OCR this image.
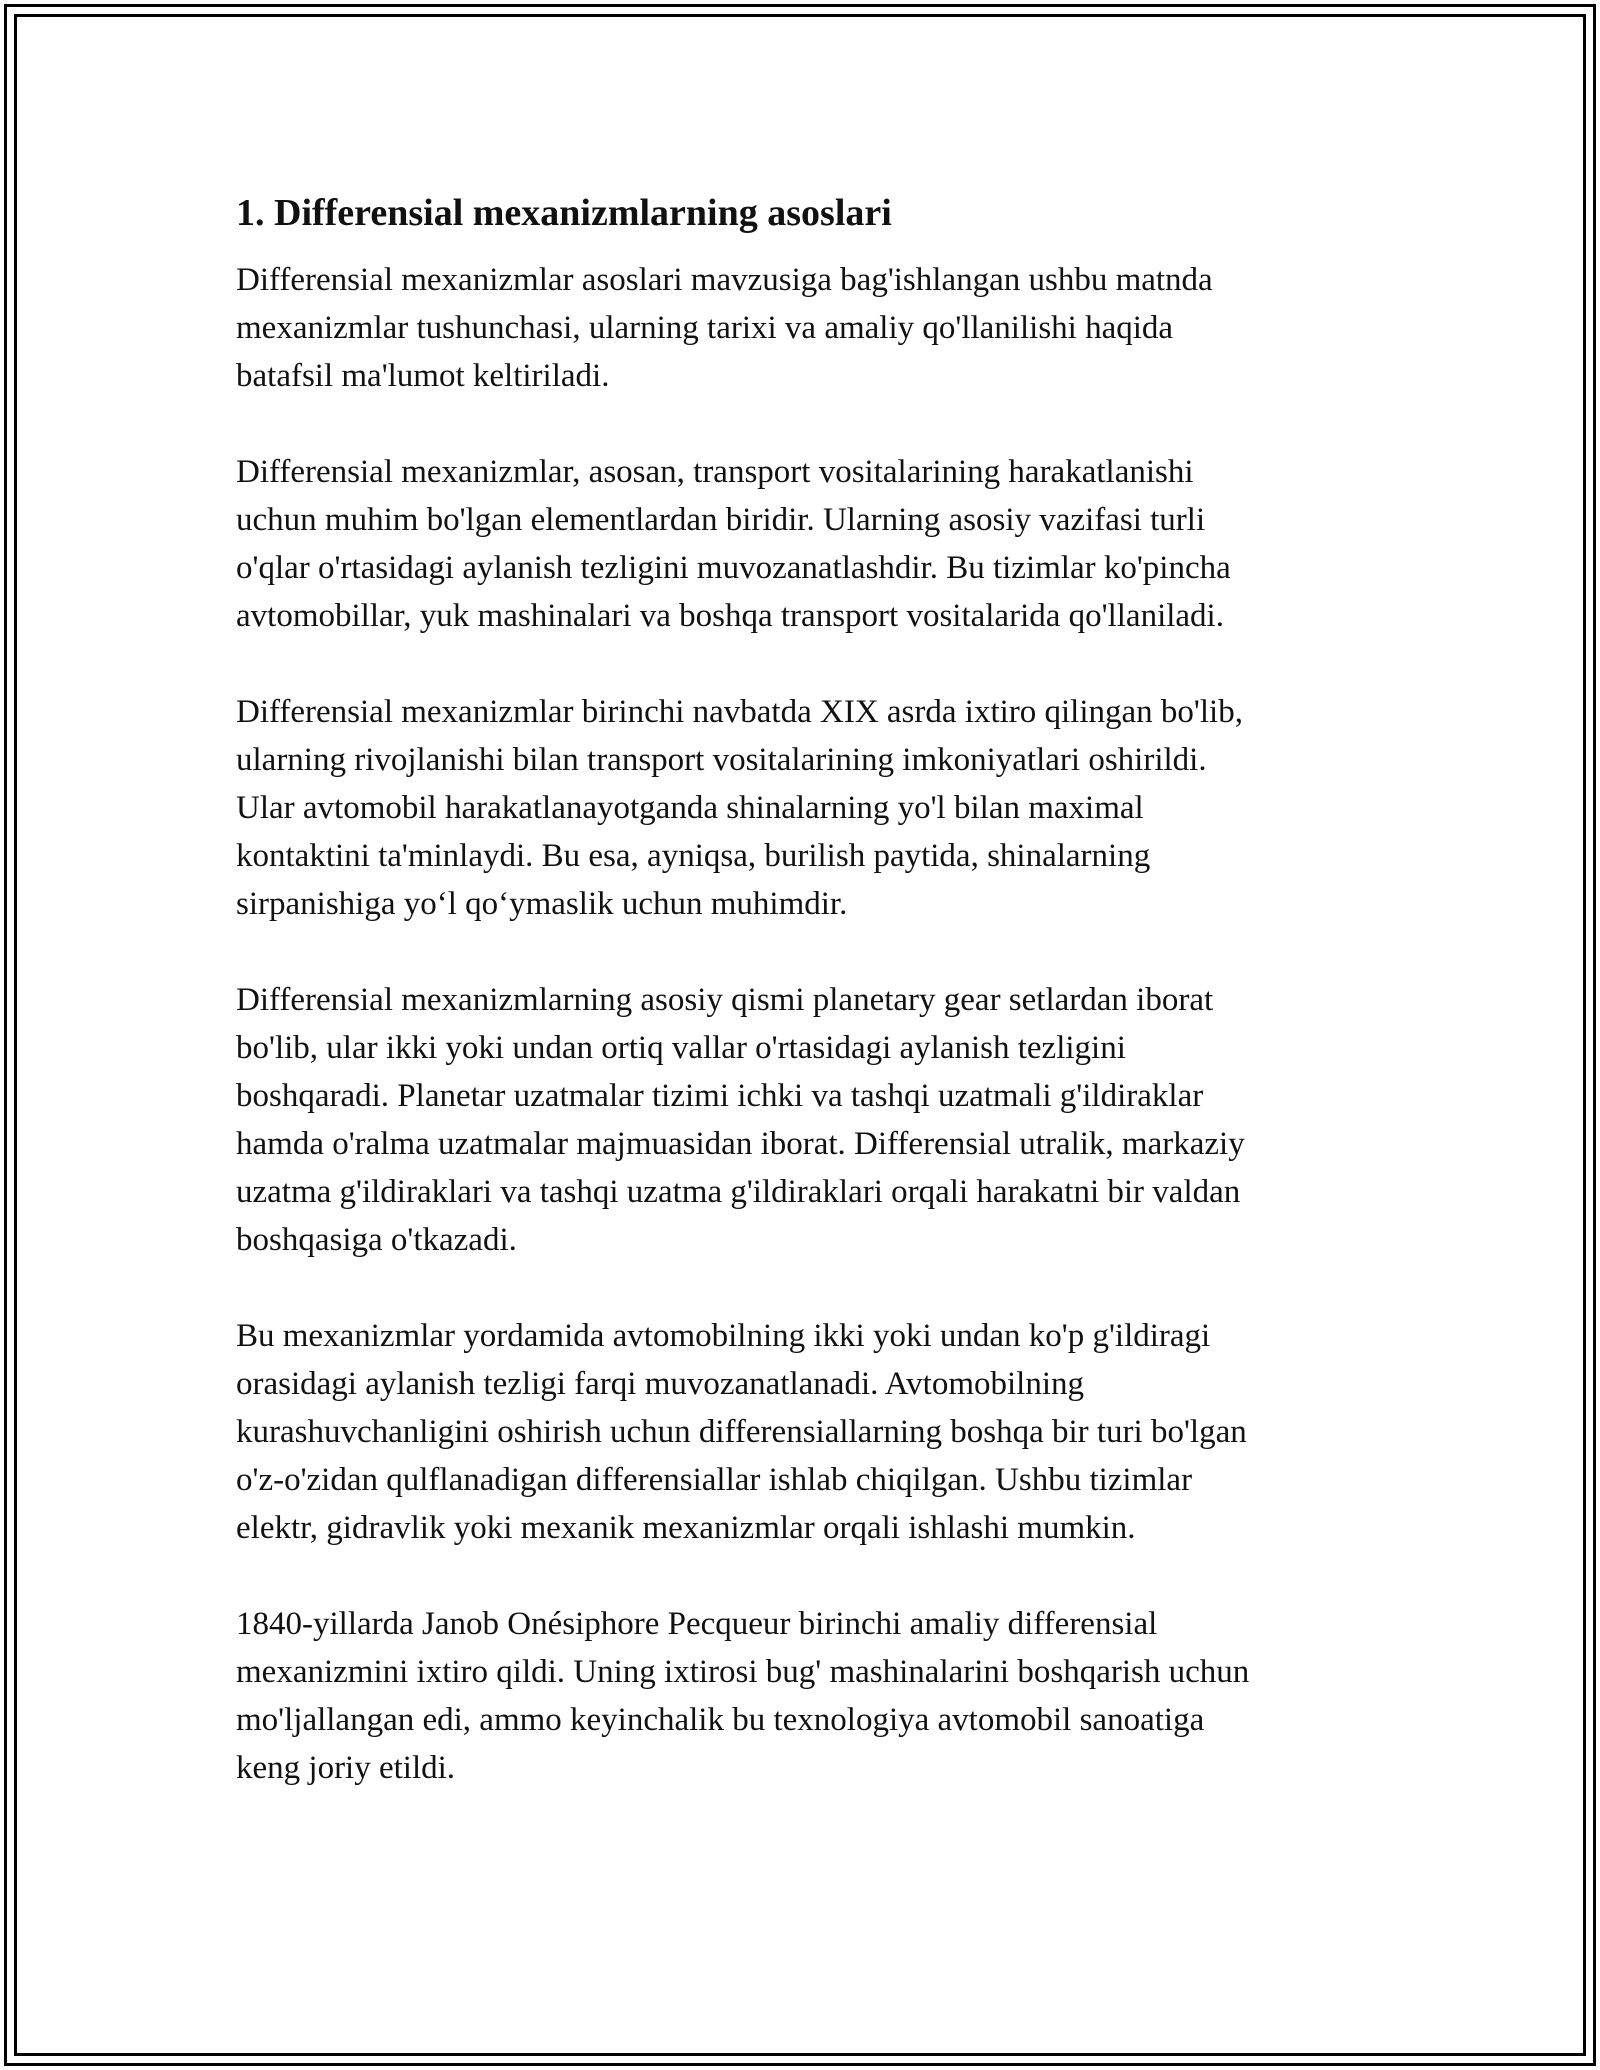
1. Differensial mexanizmlarning asoslari

Differensial mexanizmlar asoslari mavzusiga bag'ishlangan ushbu matnda
mexanizmlar tushunchasi, ularning tarixi va amaliy qo'llanilishi haqida
batafsil ma'lumot keltiriladi.

Differensial mexanizmlar, asosan, transport vositalarining harakatlanishi
uchun muhim bo'lgan elementlardan biridir. Ularning asosiy vazifasi turli
o'qlar o'rtasidagi aylanish tezligini muvozanatlashdir. Bu tizimlar ko'pincha
avtomobillar, yuk mashinalari va boshqa transport vositalarida qo'llaniladi.

Differensial mexanizmlar birinchi navbatda XIX asrda ixtiro qilingan bo'lib,
ularning rivojlanishi bilan transport vositalarining imkoniyatlari oshirildi.
Ular avtomobil harakatlanayotganda shinalarning yo'l bilan maximal
kontaktini ta'minlaydi. Bu esa, ayniqsa, burilish paytida, shinalarning
sirpanishiga yo‘l qo‘ymaslik uchun muhimdir.

Differensial mexanizmlarning asosiy qismi planetary gear setlardan iborat
bo'lib, ular ikki yoki undan ortiq vallar o'rtasidagi aylanish tezligini
boshqaradi. Planetar uzatmalar tizimi ichki va tashqi uzatmali g'ildiraklar
hamda o'ralma uzatmalar majmuasidan iborat. Differensial utralik, markaziy
uzatma g'ildiraklari va tashqi uzatma g'ildiraklari orqali harakatni bir valdan
boshqasiga o'tkazadi.

Bu mexanizmlar yordamida avtomobilning ikki yoki undan ko'p g'ildiragi
orasidagi aylanish tezligi farqi muvozanatlanadi. Avtomobilning
kurashuvchanligini oshirish uchun differensiallarning boshqa bir turi bo'lgan
o'z-o'zidan qulflanadigan differensiallar ishlab chiqilgan. Ushbu tizimlar
elektr, gidravlik yoki mexanik mexanizmlar orqali ishlashi mumkin.

1840-yillarda Janob Onésiphore Pecqueur birinchi amaliy differensial
mexanizmini ixtiro qildi. Uning ixtirosi bug' mashinalarini boshqarish uchun
mo'ljallangan edi, ammo keyinchalik bu texnologiya avtomobil sanoatiga
keng joriy etildi.
